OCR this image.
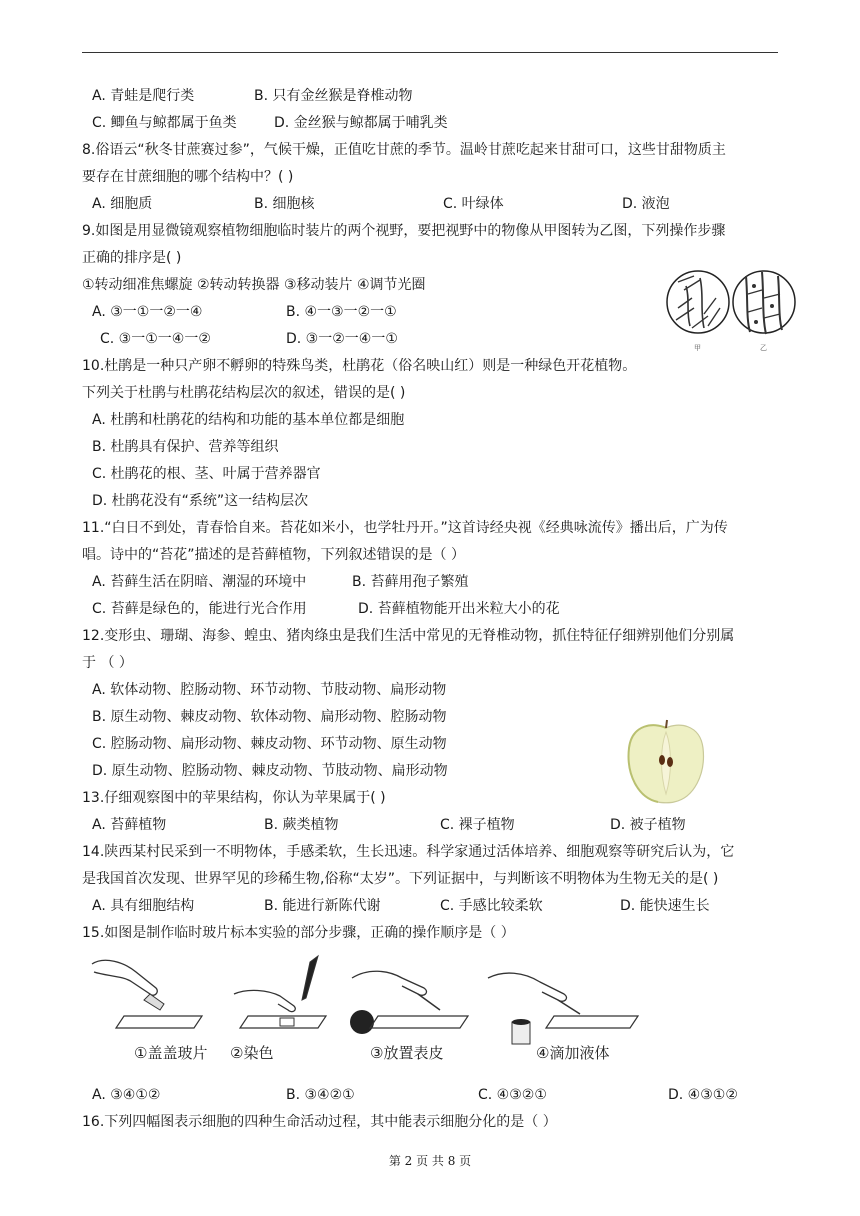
A. 青蛙是爬行类	B. 只有金丝猴是脊椎动物
C. 鲫鱼与鲸都属于鱼类	D. 金丝猴与鲸都属于哺乳类
8.俗语云“秋冬甘蔗赛过参”，气候干燥，正值吃甘蔗的季节。温岭甘蔗吃起来甘甜可口，这些甘甜物质主
要存在甘蔗细胞的哪个结构中？( )
A. 细胞质	B. 细胞核	C. 叶绿体	D. 液泡
9.如图是用显微镜观察植物细胞临时装片的两个视野，要把视野中的物像从甲图转为乙图，下列操作步骤
正确的排序是( )
①转动细准焦螺旋 ②转动转换器 ③移动装片 ④调节光圈
A. ③一①一②一④	B. ④一③一②一①
C. ③一①一④一②	D. ③一②一④一①
甲	乙
10.杜鹃是一种只产卵不孵卵的特殊鸟类，杜鹃花（俗名映山红）则是一种绿色开花植物。
下列关于杜鹃与杜鹃花结构层次的叙述，错误的是( )
A. 杜鹃和杜鹃花的结构和功能的基本单位都是细胞
B. 杜鹃具有保护、营养等组织
C. 杜鹃花的根、茎、叶属于营养器官
D. 杜鹃花没有“系统”这一结构层次
11.“白日不到处，青春恰自来。苔花如米小，也学牡丹开。”这首诗经央视《经典咏流传》播出后，广为传
唱。诗中的“苔花”描述的是苔藓植物，下列叙述错误的是（ ）
A. 苔藓生活在阴暗、潮湿的环境中	B. 苔藓用孢子繁殖
C. 苔藓是绿色的，能进行光合作用	D. 苔藓植物能开出米粒大小的花
12.变形虫、珊瑚、海参、蝗虫、猪肉绦虫是我们生活中常见的无脊椎动物，抓住特征仔细辨别他们分别属
于 （ ）
A. 软体动物、腔肠动物、环节动物、节肢动物、扁形动物
B. 原生动物、棘皮动物、软体动物、扁形动物、腔肠动物
C. 腔肠动物、扁形动物、棘皮动物、环节动物、原生动物
D. 原生动物、腔肠动物、棘皮动物、节肢动物、扁形动物
13.仔细观察图中的苹果结构，你认为苹果属于( )
A. 苔藓植物	B. 蕨类植物	C. 裸子植物	D. 被子植物
14.陕西某村民采到一不明物体，手感柔软，生长迅速。科学家通过活体培养、细胞观察等研究后认为，它
是我国首次发现、世界罕见的珍稀生物,俗称“太岁”。下列证据中，与判断该不明物体为生物无关的是( )
A. 具有细胞结构	B. 能进行新陈代谢	C. 手感比较柔软	D. 能快速生长
15.如图是制作临时玻片标本实验的部分步骤，正确的操作顺序是（ ）
①盖盖玻片 ②染色	③放置表皮	④滴加液体
A. ③④①②	B. ③④②①	C. ④③②①	D. ④③①②
16.下列四幅图表示细胞的四种生命活动过程，其中能表示细胞分化的是（ ）
第 2 页 共 8 页
